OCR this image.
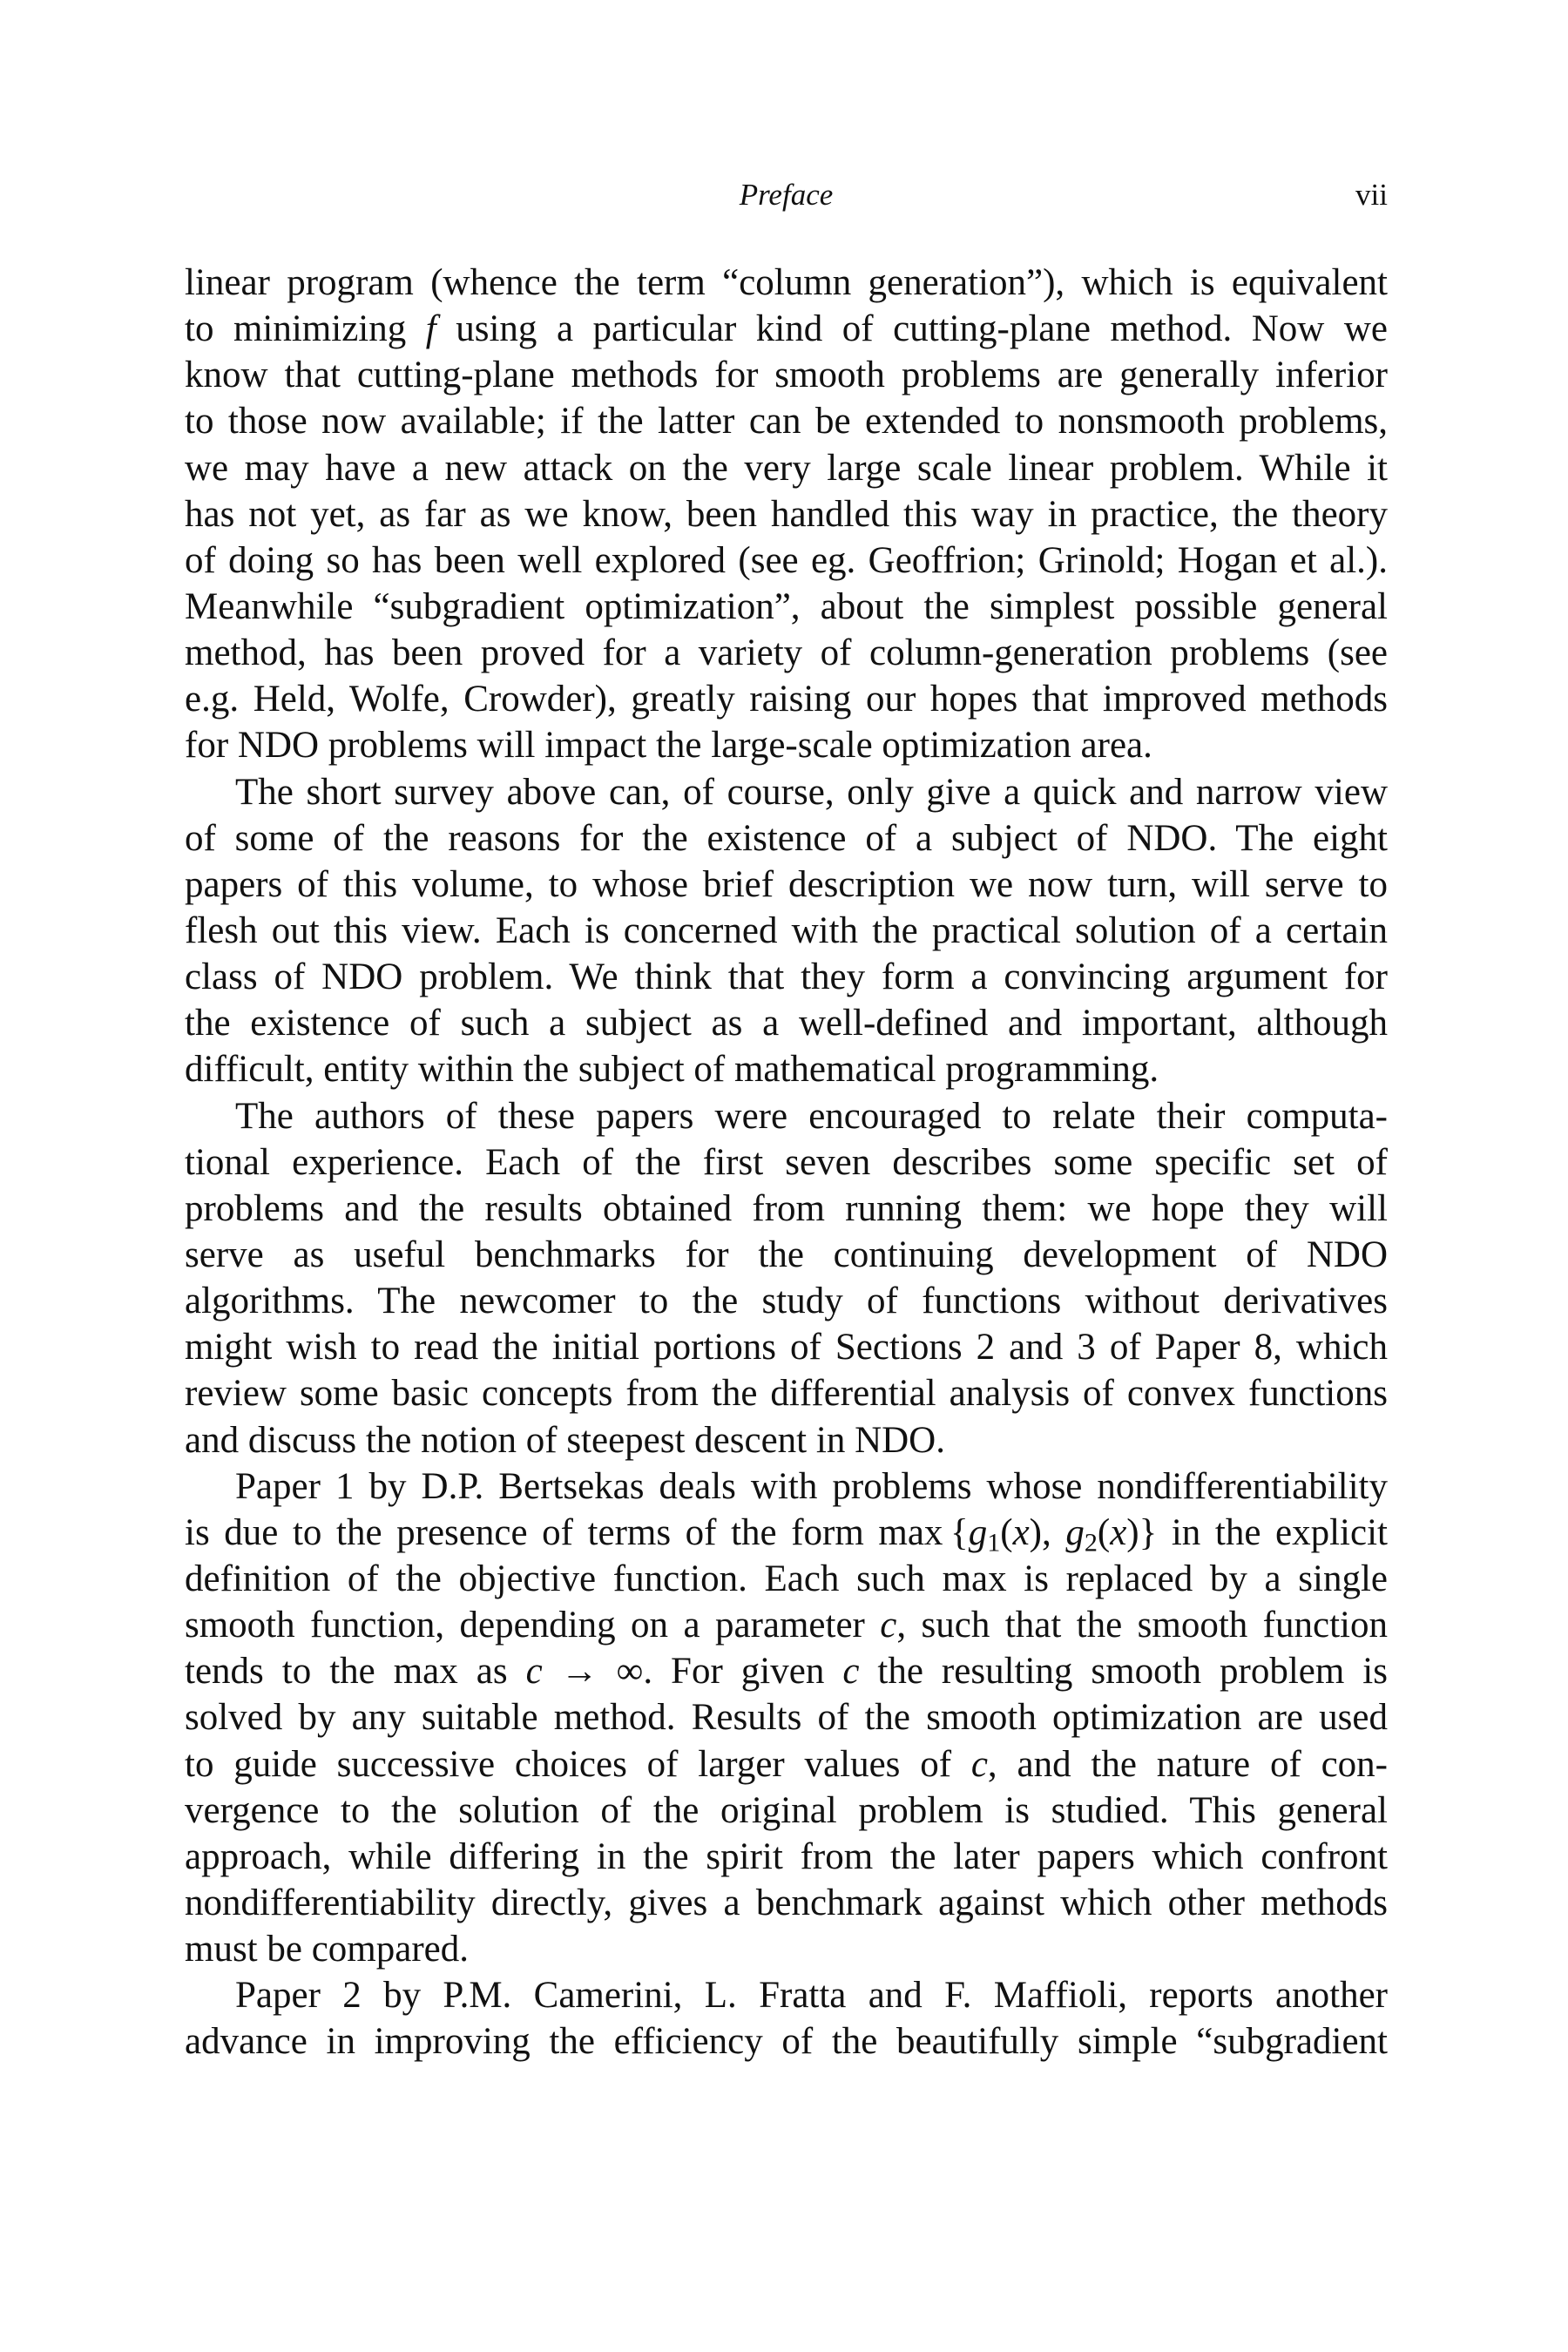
Preface	vii
linear program (whence the term “column generation”), which is equivalent
to minimizing f using a particular kind of cutting-plane method. Now we
know that cutting-plane methods for smooth problems are generally inferior
to those now available; if the latter can be extended to nonsmooth problems,
we may have a new attack on the very large scale linear problem. While it
has not yet, as far as we know, been handled this way in practice, the theory
of doing so has been well explored (see eg. Geoffrion; Grinold; Hogan et al.).
Meanwhile “subgradient optimization”, about the simplest possible general
method, has been proved for a variety of column-generation problems (see
e.g. Held, Wolfe, Crowder), greatly raising our hopes that improved methods
for NDO problems will impact the large-scale optimization area.
The short survey above can, of course, only give a quick and narrow view
of some of the reasons for the existence of a subject of NDO. The eight
papers of this volume, to whose brief description we now turn, will serve to
flesh out this view. Each is concerned with the practical solution of a certain
class of NDO problem. We think that they form a convincing argument for
the existence of such a subject as a well-defined and important, although
difficult, entity within the subject of mathematical programming.
The authors of these papers were encouraged to relate their computa-
tional experience. Each of the first seven describes some specific set of
problems and the results obtained from running them: we hope they will
serve as useful benchmarks for the continuing development of NDO
algorithms. The newcomer to the study of functions without derivatives
might wish to read the initial portions of Sections 2 and 3 of Paper 8, which
review some basic concepts from the differential analysis of convex functions
and discuss the notion of steepest descent in NDO.
Paper 1 by D.P. Bertsekas deals with problems whose nondifferentiability
is due to the presence of terms of the form $\max \{g_1(x)$, $g_2(x)$} in the explicit
definition of the objective function. Each such max is replaced by a single
smooth function, depending on a parameter c, such that the smooth function
tends to the max as c → ∞. For given c the resulting smooth problem is
solved by any suitable method. Results of the smooth optimization are used
to guide successive choices of larger values of c, and the nature of con-
vergence to the solution of the original problem is studied. This general
approach, while differing in the spirit from the later papers which confront
nondifferentiability directly, gives a benchmark against which other methods
must be compared.
Paper 2 by P.M. Camerini, L. Fratta and F. Maffioli, reports another
advance in improving the efficiency of the beautifully simple “subgradient
